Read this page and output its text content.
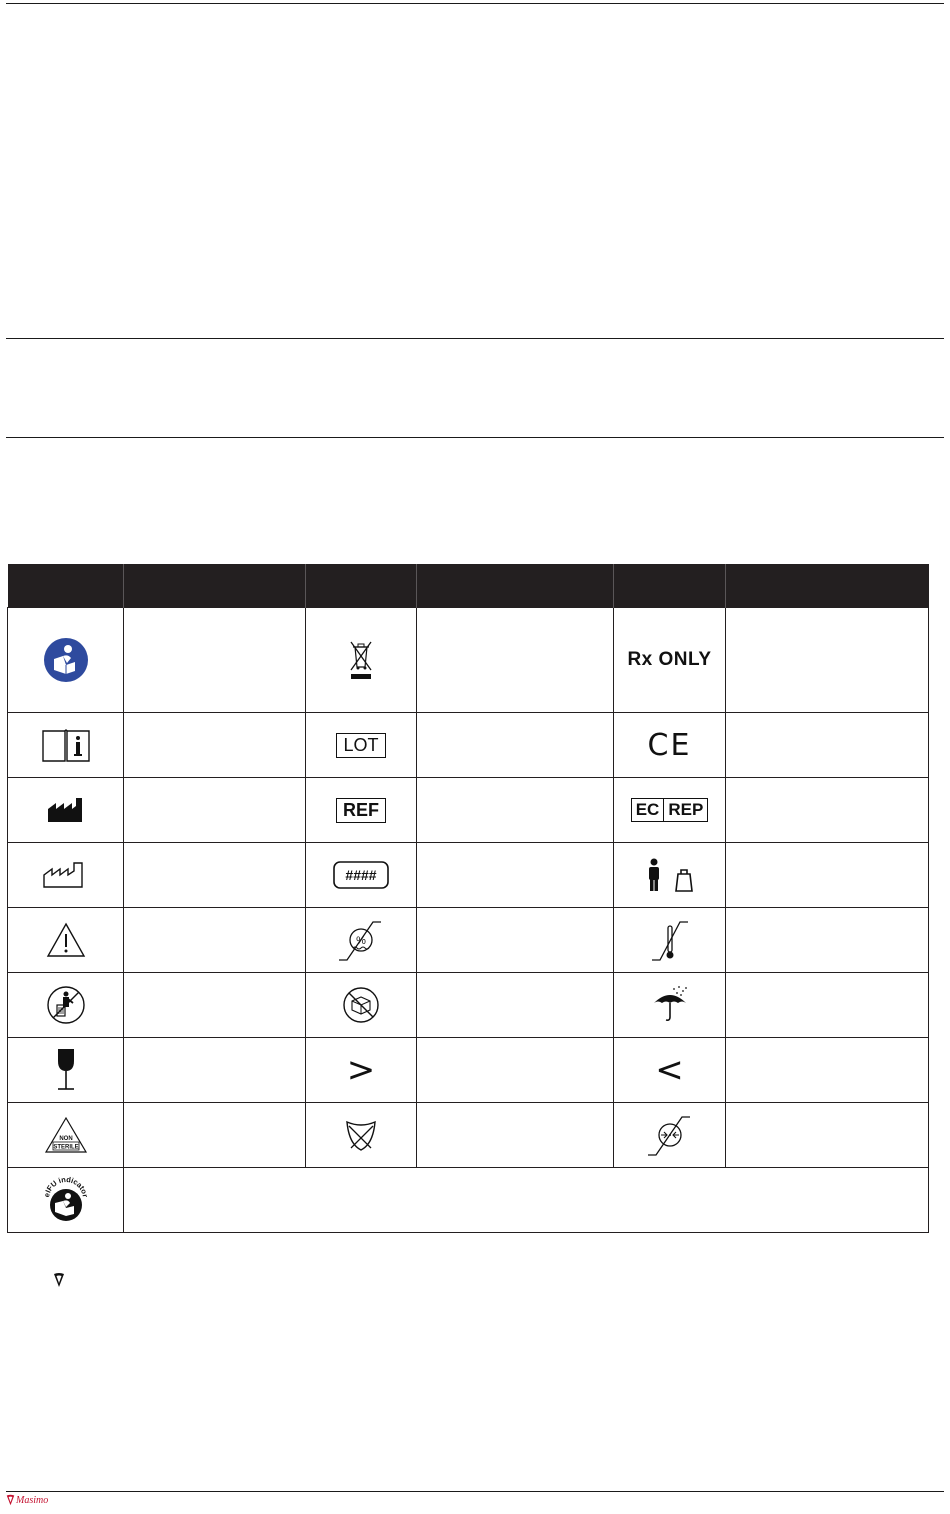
Rx ONLY	

LOT		CE	

REF		EC REP	

####

%

>		<	

NON
STERILE

eIFU indicator					

Masimo
